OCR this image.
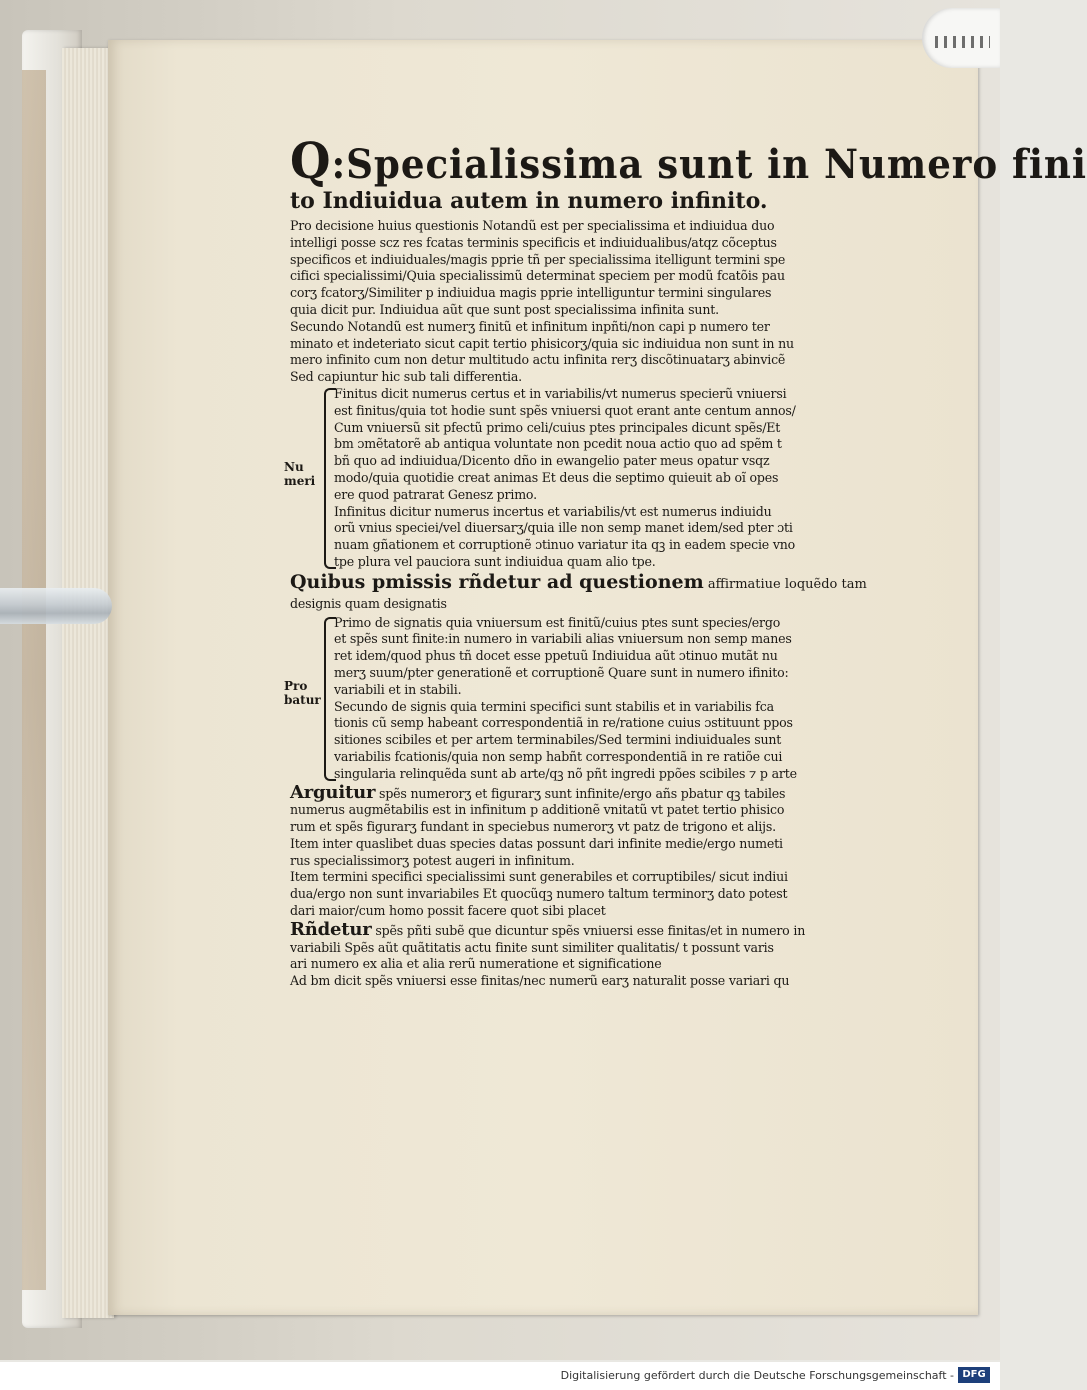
Q:Specialissima sunt in Numero fini
to Indiuidua autem in numero infinito.
Pro decisione huius questionis Notandũ est per specialissima et indiuidua duo
intelligi posse scz res fcatas terminis specificis et indiuidualibus/atqz cõceptus
specificos et indiuiduales/magis pprie tñ per specialissima itelligunt termini spe
cifici specialissimi/Quia specialissimũ determinat speciem per modũ fcatõis pau
corʒ fcatorʒ/Similiter p indiuidua magis pprie intelliguntur termini singulares
quia dicit pur. Indiuidua aũt que sunt post specialissima infinita sunt.
Secundo Notandũ est numerʒ finitũ et infinitum inpñti/non capi p numero ter
minato et indeteriato sicut capit tertio phisicorʒ/quia sic indiuidua non sunt in nu
mero infinito cum non detur multitudo actu infinita rerʒ discõtinuatarʒ abinvicẽ
Sed capiuntur hic sub tali differentia.
Nu
meri
Finitus dicit numerus certus et in variabilis/vt numerus specierũ vniuersi
est finitus/quia tot hodie sunt spẽs vniuersi quot erant ante centum annos/
Cum vniuersũ sit pfectũ primo celi/cuius ptes principales dicunt spẽs/Et
bm ɔmẽtatorẽ ab antiqua voluntate non pcedit noua actio quo ad spẽm t
bñ quo ad indiuidua/Dicento dño in ewangelio pater meus opatur vsqz
modo/quia quotidie creat animas Et deus die septimo quieuit ab oĩ opes
ere quod patrarat Genesz primo.
Infinitus dicitur numerus incertus et variabilis/vt est numerus indiuidu
orũ vnius speciei/vel diuersarʒ/quia ille non semp manet idem/sed pter ɔti
nuam gñationem et corruptionẽ ɔtinuo variatur ita qꝫ in eadem specie vno
tpe plura vel pauciora sunt indiuidua quam alio tpe.
Quibus pmissis rñdetur ad questionem affirmatiue loquẽdo tam
designis quam designatis
Pro
batur
Primo de signatis quia vniuersum est finitũ/cuius ptes sunt species/ergo
et spẽs sunt finite:in numero in variabili alias vniuersum non semp manes
ret idem/quod phus tñ docet esse ppetuũ Indiuidua aũt ɔtinuo mutãt nu
merʒ suum/pter generationẽ et corruptionẽ Quare sunt in numero ifinito:
variabili et in stabili.
Secundo de signis quia termini specifici sunt stabilis et in variabilis fca
tionis cũ semp habeant correspondentiã in re/ratione cuius ɔstituunt ppos
sitiones scibiles et per artem terminabiles/Sed termini indiuiduales sunt
variabilis fcationis/quia non semp habñt correspondentiã in re ratiõe cui
singularia relinquẽda sunt ab arte/qꝫ nõ pñt ingredi ppões scibiles ⁊ p arte
Arguitur spẽs numerorʒ et figurarʒ sunt infinite/ergo añs pbatur qꝫ tabiles
numerus augmẽtabilis est in infinitum p additionẽ vnitatũ vt patet tertio phisico
rum et spẽs figurarʒ fundant in speciebus numerorʒ vt patz de trigono et aliјs.
Item inter quaslibet duas species datas possunt dari infinite medie/ergo numeti
rus specialissimorʒ potest augeri in infinitum.
Item termini specifici specialissimi sunt generabiles et corruptibiles/ sicut indiui
dua/ergo non sunt invariabiles Et quocũqꝫ numero taltum terminorʒ dato potest
dari maior/cum homo possit facere quot sibi placet
Rñdetur spẽs pñti subẽ que dicuntur spẽs vniuersi esse finitas/et in numero in
variabili Spẽs aũt quãtitatis actu finite sunt similiter qualitatis/ t possunt varis
ari numero ex alia et alia rerũ numeratione et significatione
Ad bm dicit spẽs vniuersi esse finitas/nec numerũ earʒ naturalit posse variari qu
Digitalisierung gefördert durch die Deutsche Forschungsgemeinschaft - DFG
